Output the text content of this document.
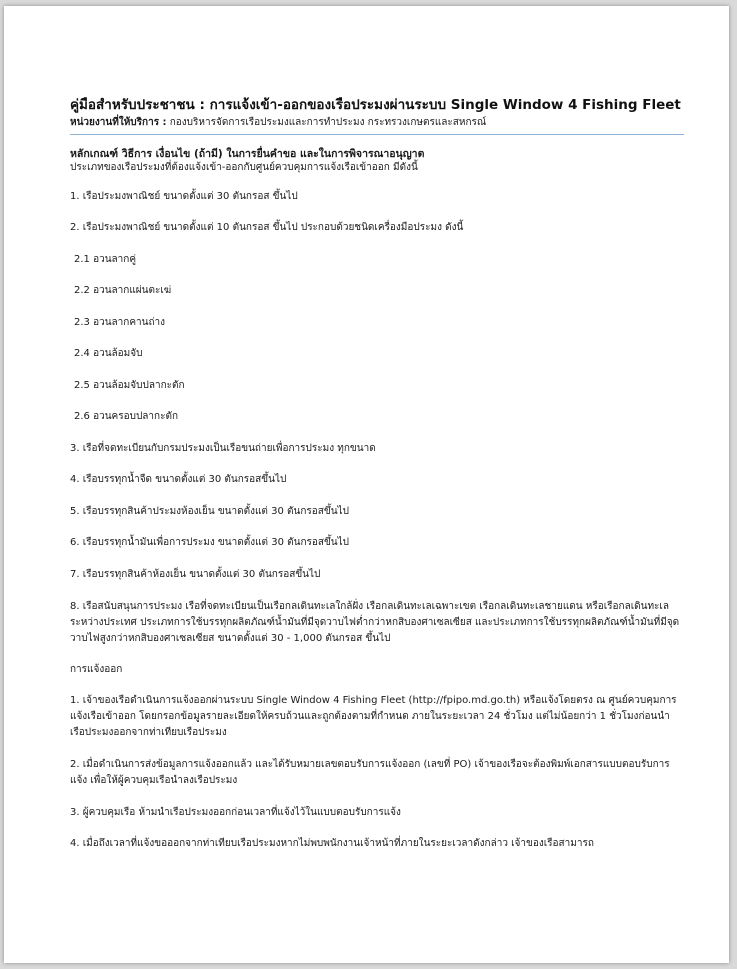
คู่มือสำหรับประชาชน : การแจ้งเข้า-ออกของเรือประมงผ่านระบบ Single Window 4 Fishing Fleet
หน่วยงานที่ให้บริการ : กองบริหารจัดการเรือประมงและการทำประมง กระทรวงเกษตรและสหกรณ์
หลักเกณฑ์ วิธีการ เงื่อนไข (ถ้ามี) ในการยื่นคำขอ และในการพิจารณาอนุญาต
ประเภทของเรือประมงที่ต้องแจ้งเข้า-ออกกับศูนย์ควบคุมการแจ้งเรือเข้าออก มีดังนี้

1. เรือประมงพาณิชย์ ขนาดตั้งแต่ 30 ตันกรอส ขึ้นไป

2. เรือประมงพาณิชย์ ขนาดตั้งแต่ 10 ตันกรอส ขึ้นไป ประกอบด้วยชนิดเครื่องมือประมง ดังนี้

2.1 อวนลากคู่

2.2 อวนลากแผ่นตะเฆ่

2.3 อวนลากคานถ่าง

2.4 อวนล้อมจับ

2.5 อวนล้อมจับปลากะตัก

2.6 อวนครอบปลากะตัก

3. เรือที่จดทะเบียนกับกรมประมงเป็นเรือขนถ่ายเพื่อการประมง ทุกขนาด

4. เรือบรรทุกน้ำจืด ขนาดตั้งแต่ 30 ตันกรอสขึ้นไป

5. เรือบรรทุกสินค้าประมงห้องเย็น ขนาดตั้งแต่ 30 ตันกรอสขึ้นไป

6. เรือบรรทุกน้ำมันเพื่อการประมง ขนาดตั้งแต่ 30 ตันกรอสขึ้นไป

7. เรือบรรทุกสินค้าห้องเย็น ขนาดตั้งแต่ 30 ตันกรอสขึ้นไป

8. เรือสนับสนุนการประมง เรือที่จดทะเบียนเป็นเรือกลเดินทะเลใกล้ฝั่ง เรือกลเดินทะเลเฉพาะเขต เรือกลเดินทะเลชายแดน หรือเรือกลเดินทะเลระหว่างประเทศ ประเภทการใช้บรรทุกผลิตภัณฑ์น้ำมันที่มีจุดวาบไฟต่ำกว่าหกสิบองศาเซลเซียส และประเภทการใช้บรรทุกผลิตภัณฑ์น้ำมันที่มีจุดวาบไฟสูงกว่าหกสิบองศาเซลเซียส ขนาดตั้งแต่ 30 - 1,000 ตันกรอส ขึ้นไป

การแจ้งออก

1. เจ้าของเรือดำเนินการแจ้งออกผ่านระบบ Single Window 4 Fishing Fleet (http://fpipo.md.go.th) หรือแจ้งโดยตรง ณ ศูนย์ควบคุมการแจ้งเรือเข้าออก โดยกรอกข้อมูลรายละเอียดให้ครบถ้วนและถูกต้องตามที่กำหนด ภายในระยะเวลา 24 ชั่วโมง แต่ไม่น้อยกว่า 1 ชั่วโมงก่อนนำเรือประมงออกจากท่าเทียบเรือประมง

2. เมื่อดำเนินการส่งข้อมูลการแจ้งออกแล้ว และได้รับหมายเลขตอบรับการแจ้งออก (เลขที่ PO) เจ้าของเรือจะต้องพิมพ์เอกสารแบบตอบรับการแจ้ง เพื่อให้ผู้ควบคุมเรือนำลงเรือประมง

3. ผู้ควบคุมเรือ ห้ามนำเรือประมงออกก่อนเวลาที่แจ้งไว้ในแบบตอบรับการแจ้ง

4. เมื่อถึงเวลาที่แจ้งขอออกจากท่าเทียบเรือประมงหากไม่พบพนักงานเจ้าหน้าที่ภายในระยะเวลาดังกล่าว เจ้าของเรือสามารถ
